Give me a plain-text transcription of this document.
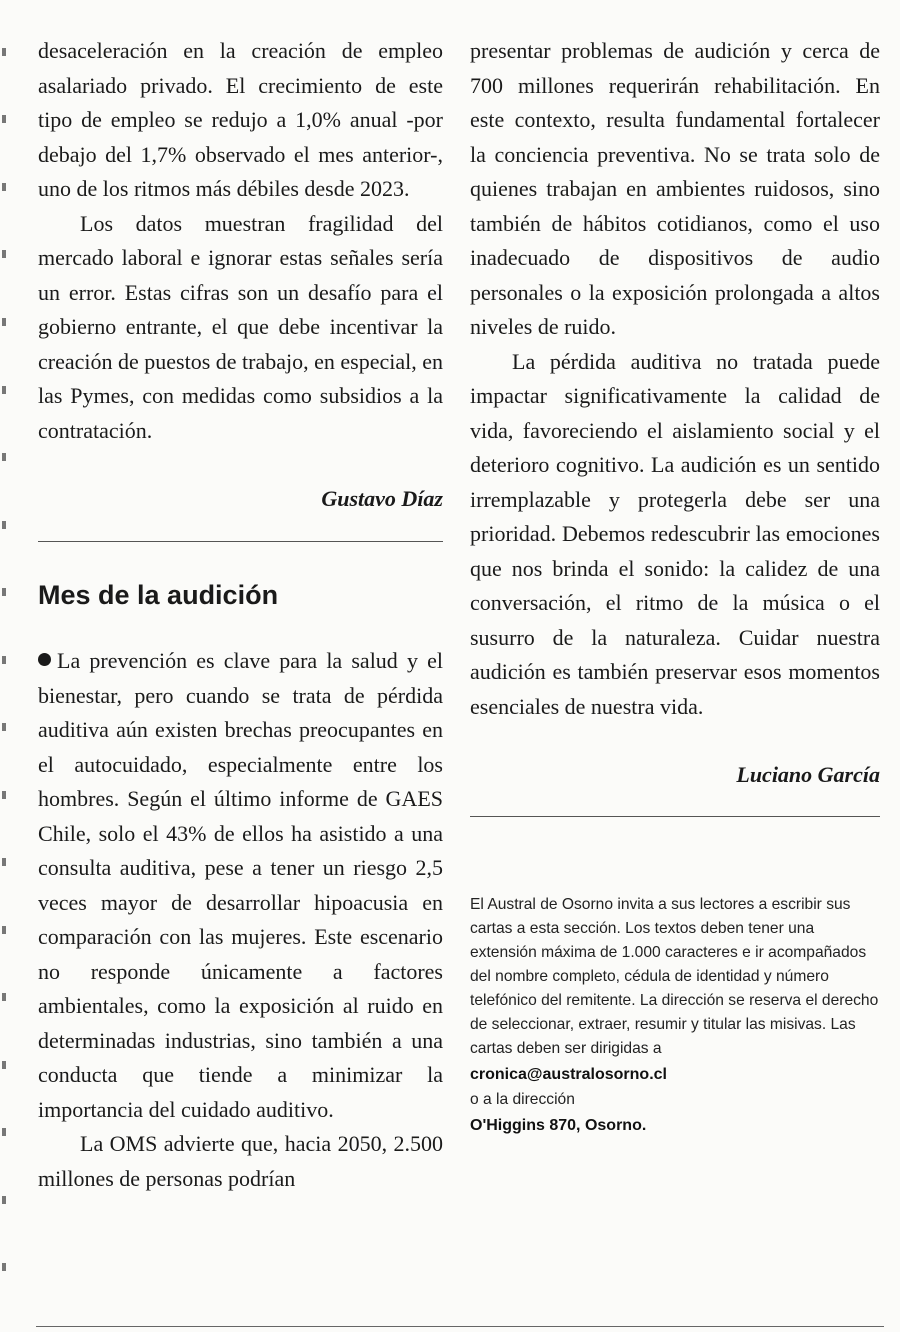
desaceleración en la creación de empleo asalariado privado. El crecimiento de este tipo de empleo se redujo a 1,0% anual -por debajo del 1,7% observado el mes anterior-, uno de los ritmos más débiles desde 2023.

Los datos muestran fragilidad del mercado laboral e ignorar estas señales sería un error. Estas cifras son un desafío para el gobierno entrante, el que debe incentivar la creación de puestos de trabajo, en especial, en las Pymes, con medidas como subsidios a la contratación.

Gustavo Díaz

Mes de la audición

La prevención es clave para la salud y el bienestar, pero cuando se trata de pérdida auditiva aún existen brechas preocupantes en el autocuidado, especialmente entre los hombres. Según el último informe de GAES Chile, solo el 43% de ellos ha asistido a una consulta auditiva, pese a tener un riesgo 2,5 veces mayor de desarrollar hipoacusia en comparación con las mujeres. Este escenario no responde únicamente a factores ambientales, como la exposición al ruido en determinadas industrias, sino también a una conducta que tiende a minimizar la importancia del cuidado auditivo.

La OMS advierte que, hacia 2050, 2.500 millones de personas podrían

presentar problemas de audición y cerca de 700 millones requerirán rehabilitación. En este contexto, resulta fundamental fortalecer la conciencia preventiva. No se trata solo de quienes trabajan en ambientes ruidosos, sino también de hábitos cotidianos, como el uso inadecuado de dispositivos de audio personales o la exposición prolongada a altos niveles de ruido.

La pérdida auditiva no tratada puede impactar significativamente la calidad de vida, favoreciendo el aislamiento social y el deterioro cognitivo. La audición es un sentido irremplazable y protegerla debe ser una prioridad. Debemos redescubrir las emociones que nos brinda el sonido: la calidez de una conversación, el ritmo de la música o el susurro de la naturaleza. Cuidar nuestra audición es también preservar esos momentos esenciales de nuestra vida.

Luciano García

El Austral de Osorno invita a sus lectores a escribir sus cartas a esta sección. Los textos deben tener una extensión máxima de 1.000 caracteres e ir acompañados del nombre completo, cédula de identidad y número telefónico del remitente. La dirección se reserva el derecho de seleccionar, extraer, resumir y titular las misivas. Las cartas deben ser dirigidas a

cronica@australosorno.cl

o a la dirección

O'Higgins 870, Osorno.
